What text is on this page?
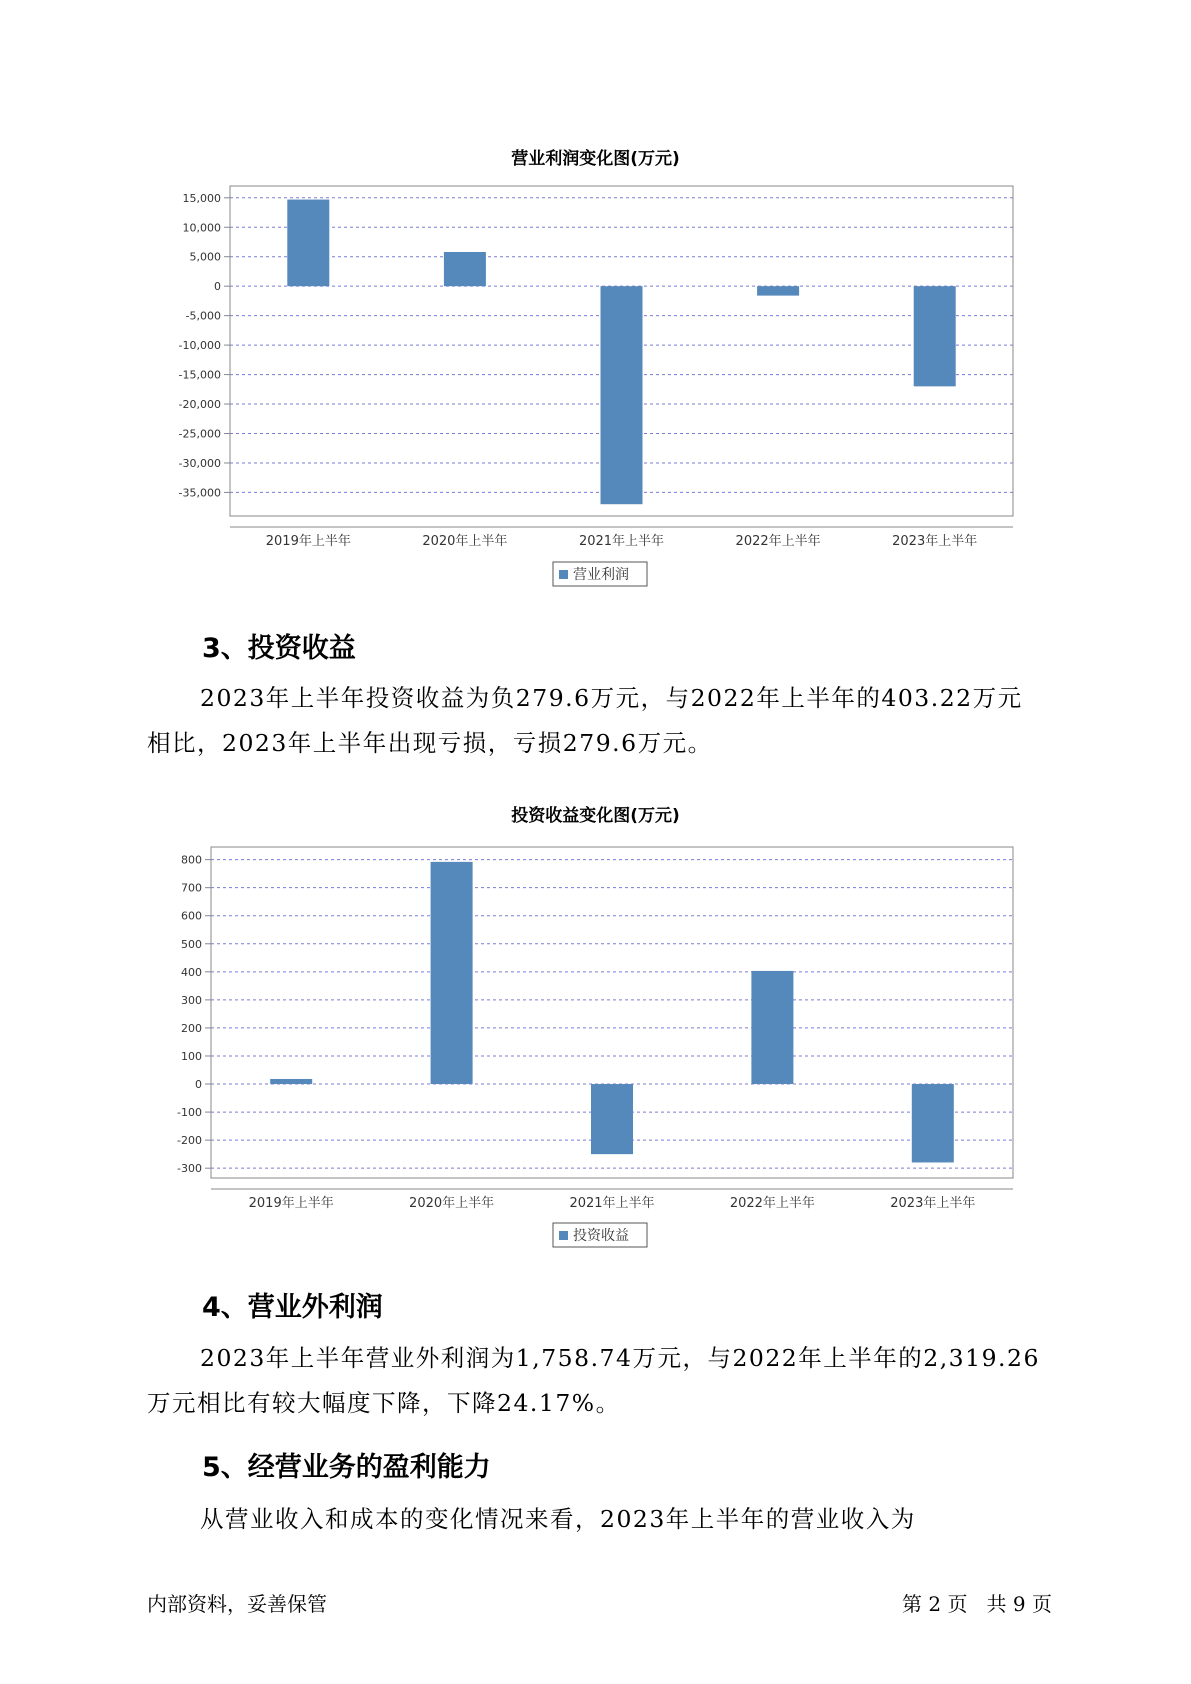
营业利润变化图(万元)
15,000
10,000
5,000
0
-5,000
-10,000
-15,000
-20,000
-25,000
-30,000
-35,000
2019年上半年	2020年上半年	2021年上半年	2022年上半年	2023年上半年
营业利润
3、投资收益
2023年上半年投资收益为负279.6万元，与2022年上半年的403.22万元
相比，2023年上半年出现亏损，亏损279.6万元。
投资收益变化图(万元)
800
700
600
500
400
300
200
100
0
-100
-200
-300
2019年上半年	2020年上半年	2021年上半年	2022年上半年	2023年上半年
投资收益
4、营业外利润
2023年上半年营业外利润为1,758.74万元，与2022年上半年的2,319.26
万元相比有较大幅度下降，下降24.17%。
5、经营业务的盈利能力
从营业收入和成本的变化情况来看，2023年上半年的营业收入为
内部资料，妥善保管	第 2 页   共 9 页
